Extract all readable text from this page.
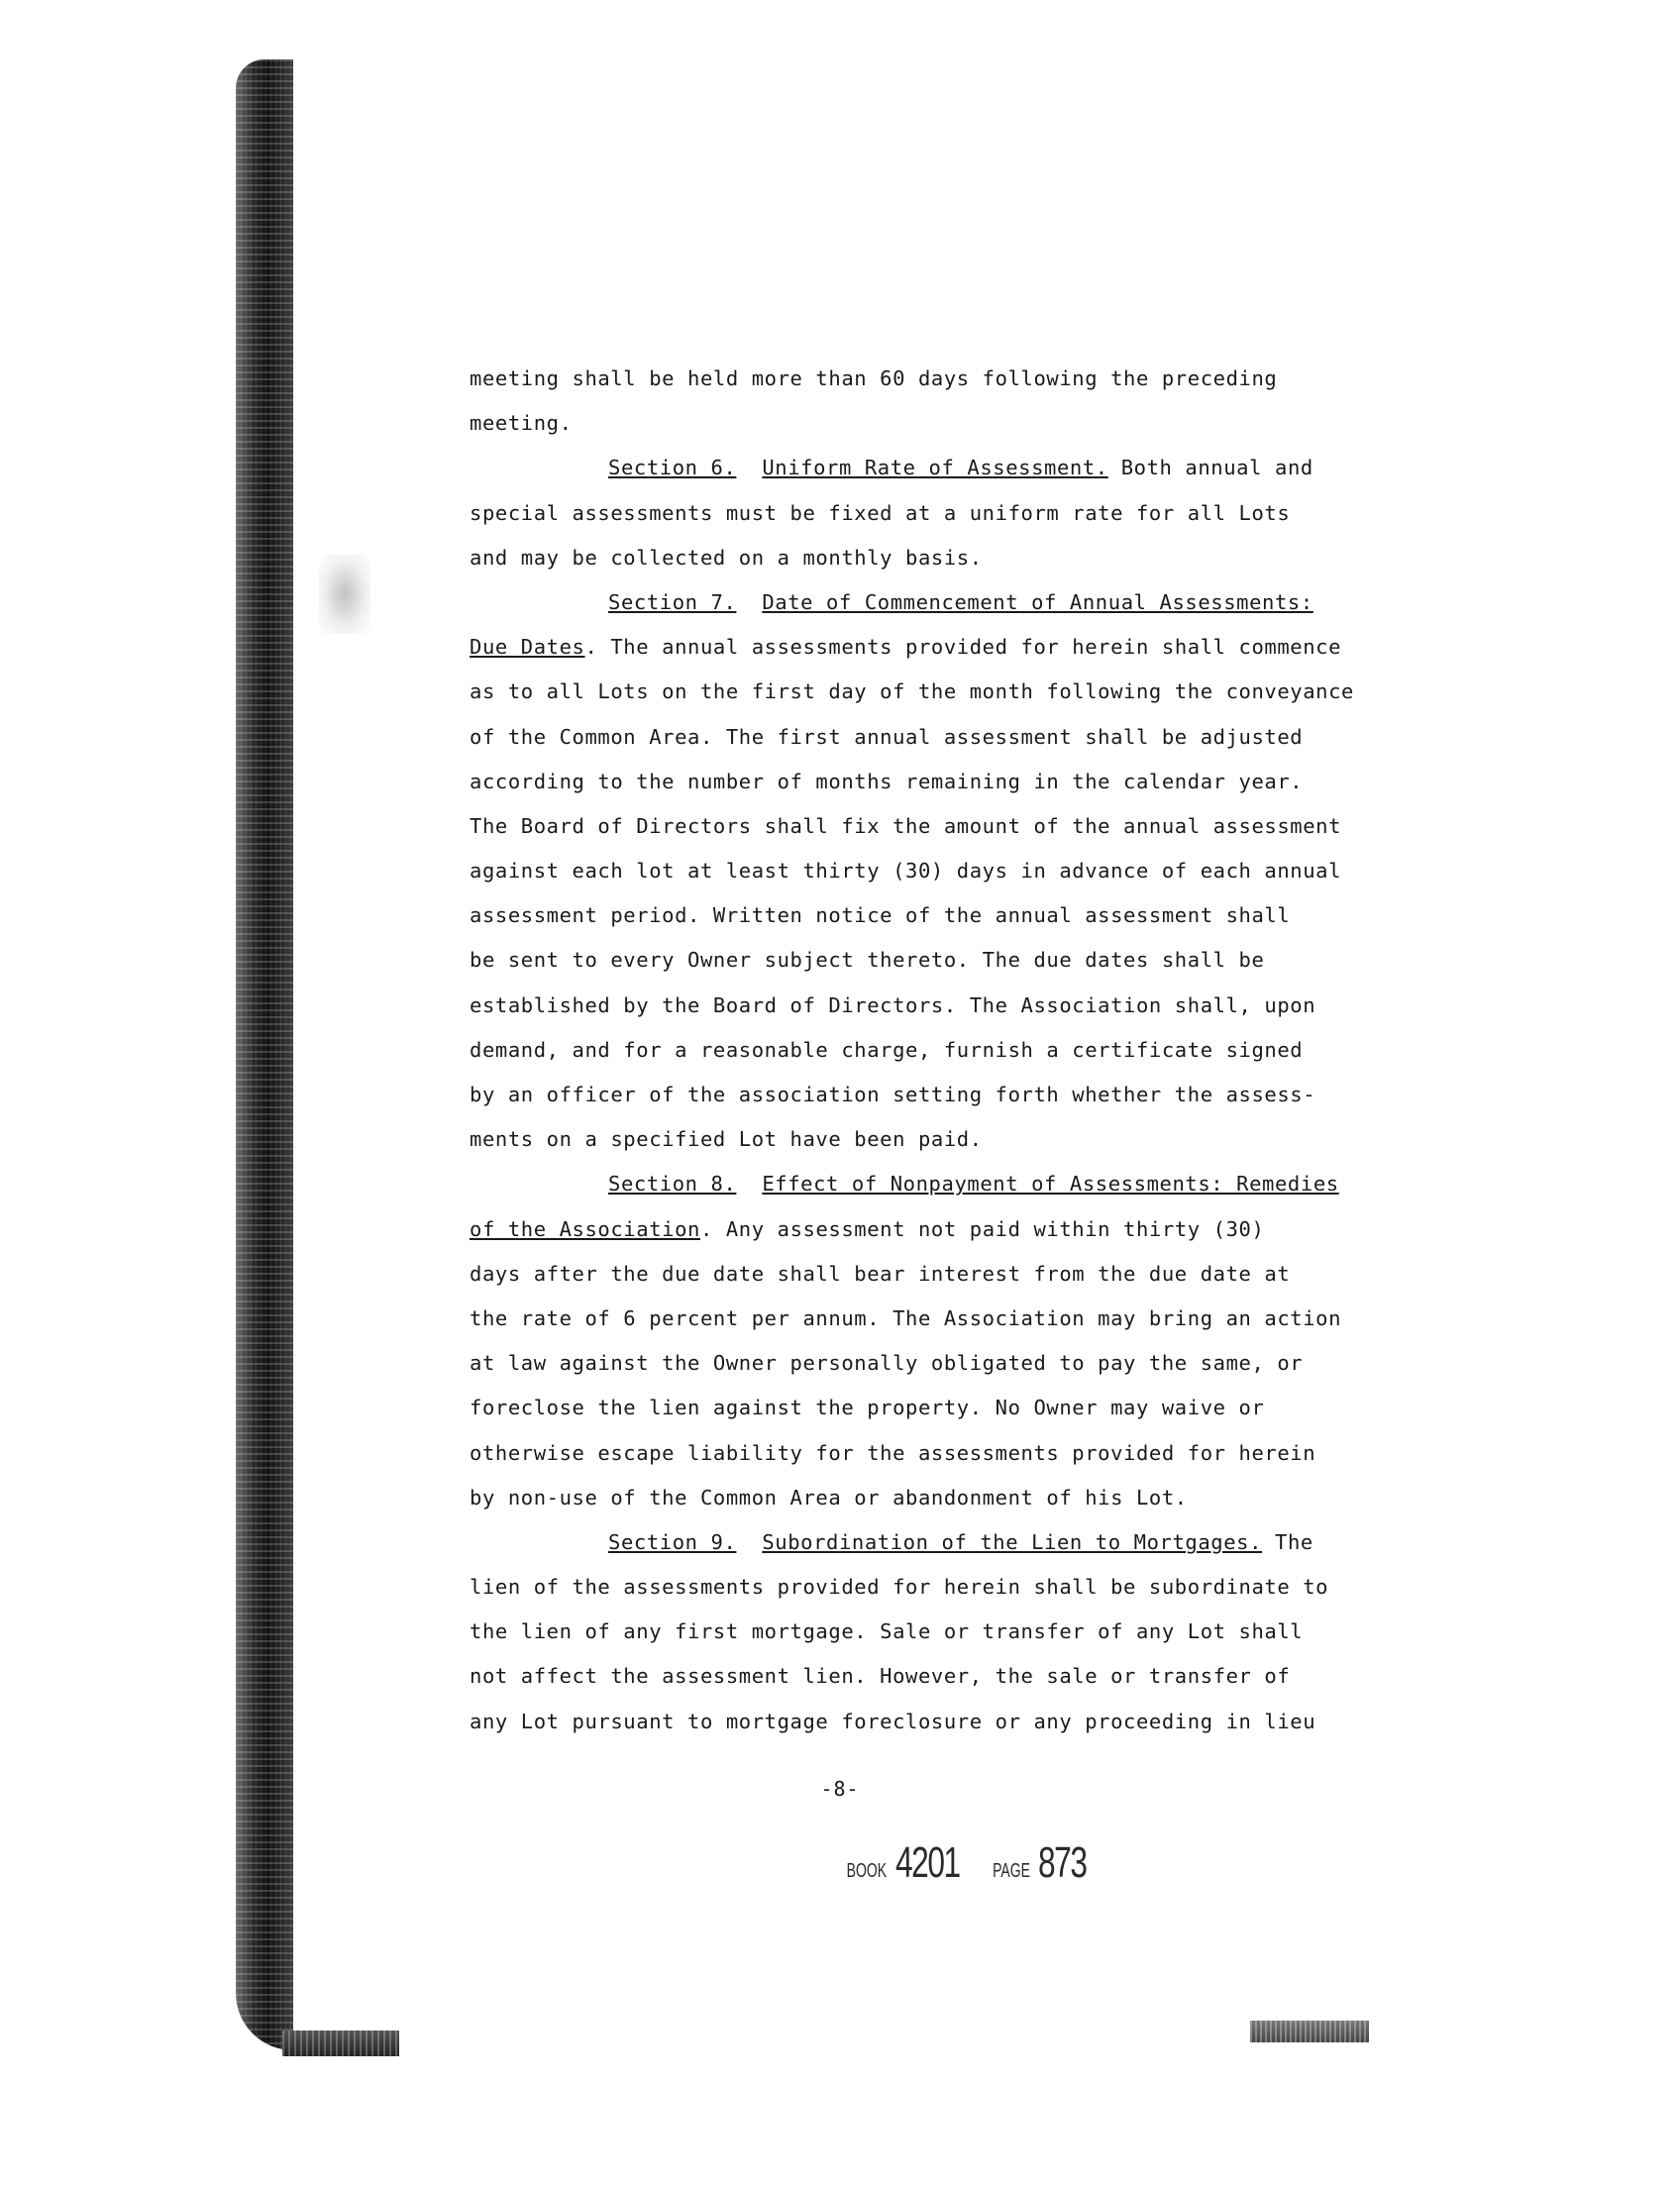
meeting shall be held more than 60 days following the preceding
meeting.
Section 6. Uniform Rate of Assessment. Both annual and
special assessments must be fixed at a uniform rate for all Lots
and may be collected on a monthly basis.
Section 7. Date of Commencement of Annual Assessments:
Due Dates. The annual assessments provided for herein shall commence
as to all Lots on the first day of the month following the conveyance
of the Common Area. The first annual assessment shall be adjusted
according to the number of months remaining in the calendar year.
The Board of Directors shall fix the amount of the annual assessment
against each lot at least thirty (30) days in advance of each annual
assessment period. Written notice of the annual assessment shall
be sent to every Owner subject thereto. The due dates shall be
established by the Board of Directors. The Association shall, upon
demand, and for a reasonable charge, furnish a certificate signed
by an officer of the association setting forth whether the assess-
ments on a specified Lot have been paid.
Section 8. Effect of Nonpayment of Assessments: Remedies
of the Association. Any assessment not paid within thirty (30)
days after the due date shall bear interest from the due date at
the rate of 6 percent per annum. The Association may bring an action
at law against the Owner personally obligated to pay the same, or
foreclose the lien against the property. No Owner may waive or
otherwise escape liability for the assessments provided for herein
by non-use of the Common Area or abandonment of his Lot.
Section 9. Subordination of the Lien to Mortgages. The
lien of the assessments provided for herein shall be subordinate to
the lien of any first mortgage. Sale or transfer of any Lot shall
not affect the assessment lien. However, the sale or transfer of
any Lot pursuant to mortgage foreclosure or any proceeding in lieu
-8-
BOOK 4201 PAGE 873
